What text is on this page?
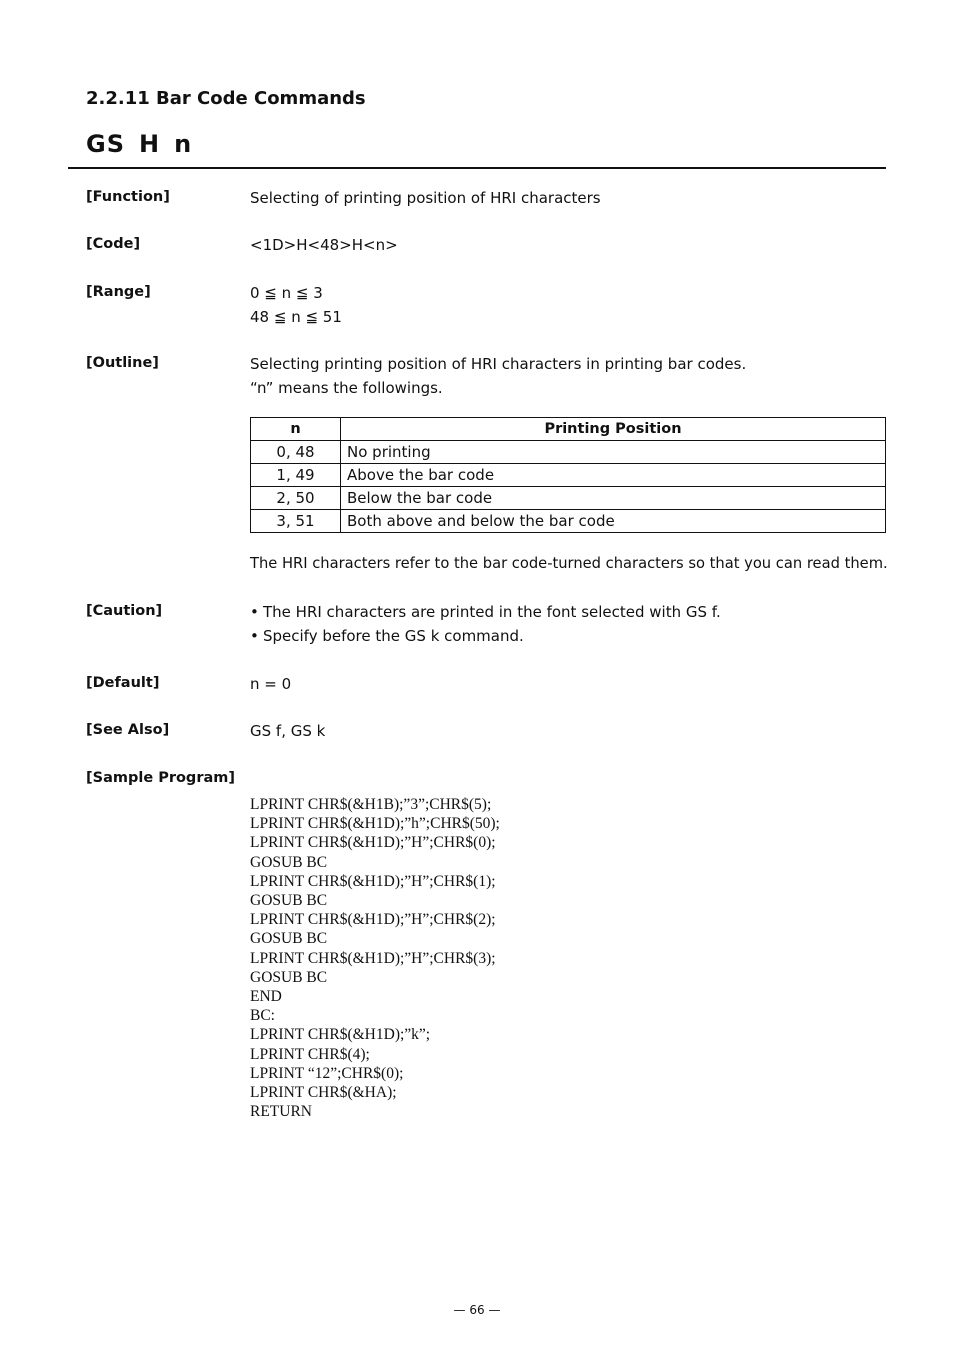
2.2.11 Bar Code Commands
GS H n
[Function]	Selecting of printing position of HRI characters
[Code]	<1D>H<48>H<n>
[Range]	0 ≦ n ≦ 3
48 ≦ n ≦ 51
[Outline]	Selecting printing position of HRI characters in printing bar codes.
“n” means the followings.
n	Printing Position
0, 48	No printing
1, 49	Above the bar code
2, 50	Below the bar code
3, 51	Both above and below the bar code
The HRI characters refer to the bar code-turned characters so that you can read them.
[Caution]	• The HRI characters are printed in the font selected with GS f.
• Specify before the GS k command.
[Default]	n = 0
[See Also]	GS f, GS k
[Sample Program]
LPRINT CHR$(&H1B);”3”;CHR$(5);
LPRINT CHR$(&H1D);”h”;CHR$(50);
LPRINT CHR$(&H1D);”H”;CHR$(0);
GOSUB BC
LPRINT CHR$(&H1D);”H”;CHR$(1);
GOSUB BC
LPRINT CHR$(&H1D);”H”;CHR$(2);
GOSUB BC
LPRINT CHR$(&H1D);”H”;CHR$(3);
GOSUB BC
END
BC:
LPRINT CHR$(&H1D);”k”;
LPRINT CHR$(4);
LPRINT “12”;CHR$(0);
LPRINT CHR$(&HA);
RETURN
— 66 —
